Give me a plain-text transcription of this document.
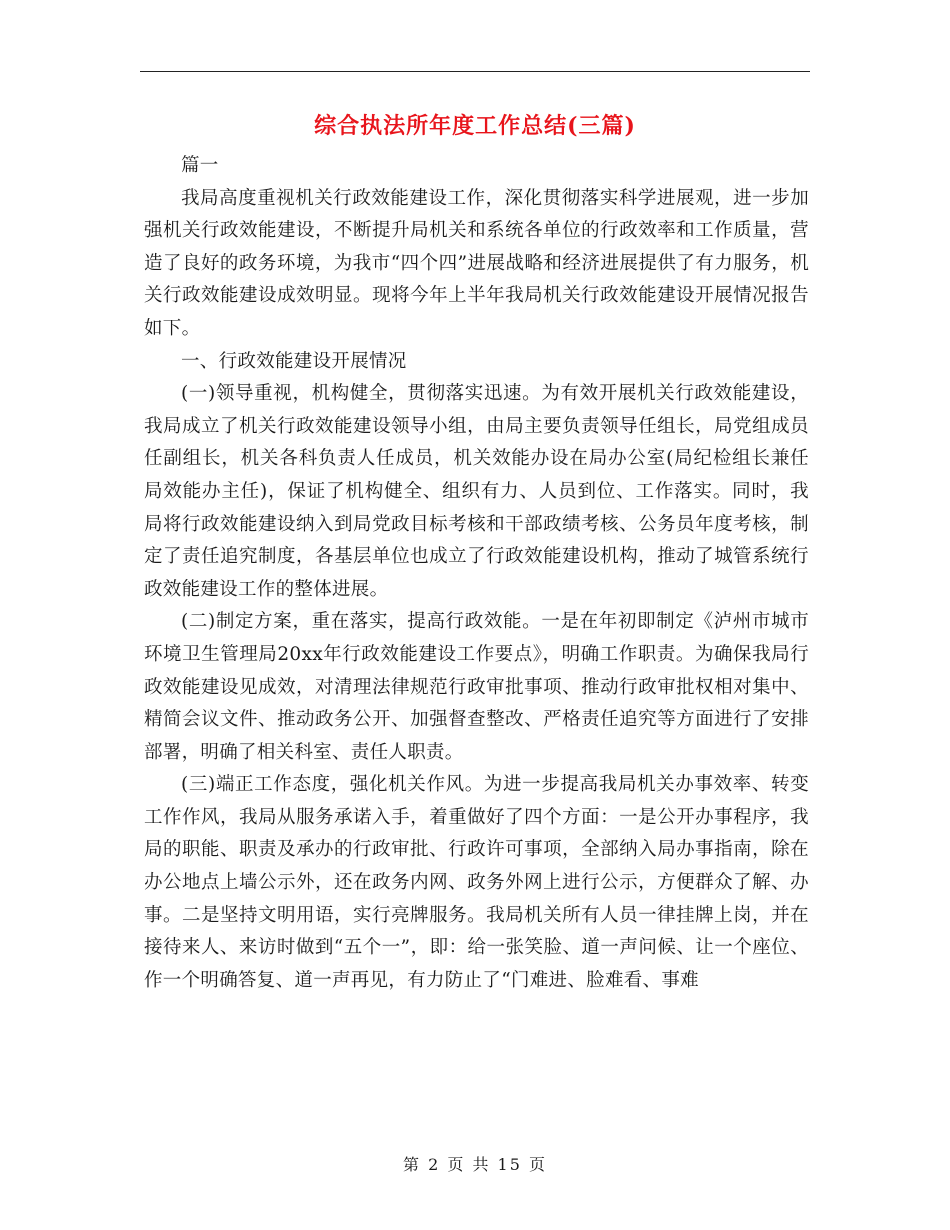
综合执法所年度工作总结(三篇)

篇一

我局高度重视机关行政效能建设工作，深化贯彻落实科学进展观，进一步加强机关行政效能建设，不断提升局机关和系统各单位的行政效率和工作质量，营造了良好的政务环境，为我市“四个四”进展战略和经济进展提供了有力服务，机关行政效能建设成效明显。现将今年上半年我局机关行政效能建设开展情况报告如下。

一、行政效能建设开展情况

(一)领导重视，机构健全，贯彻落实迅速。为有效开展机关行政效能建设，我局成立了机关行政效能建设领导小组，由局主要负责领导任组长，局党组成员任副组长，机关各科负责人任成员，机关效能办设在局办公室(局纪检组长兼任局效能办主任)，保证了机构健全、组织有力、人员到位、工作落实。同时，我局将行政效能建设纳入到局党政目标考核和干部政绩考核、公务员年度考核，制定了责任追究制度，各基层单位也成立了行政效能建设机构，推动了城管系统行政效能建设工作的整体进展。

(二)制定方案，重在落实，提高行政效能。一是在年初即制定《泸州市城市环境卫生管理局20xx年行政效能建设工作要点》，明确工作职责。为确保我局行政效能建设见成效，对清理法律规范行政审批事项、推动行政审批权相对集中、精简会议文件、推动政务公开、加强督查整改、严格责任追究等方面进行了安排部署，明确了相关科室、责任人职责。

(三)端正工作态度，强化机关作风。为进一步提高我局机关办事效率、转变工作作风，我局从服务承诺入手，着重做好了四个方面：一是公开办事程序，我局的职能、职责及承办的行政审批、行政许可事项，全部纳入局办事指南，除在办公地点上墙公示外，还在政务内网、政务外网上进行公示，方便群众了解、办事。二是坚持文明用语，实行亮牌服务。我局机关所有人员一律挂牌上岗，并在接待来人、来访时做到“五个一”，即：给一张笑脸、道一声问候、让一个座位、作一个明确答复、道一声再见，有力防止了“门难进、脸难看、事难

第 2 页 共 15 页
